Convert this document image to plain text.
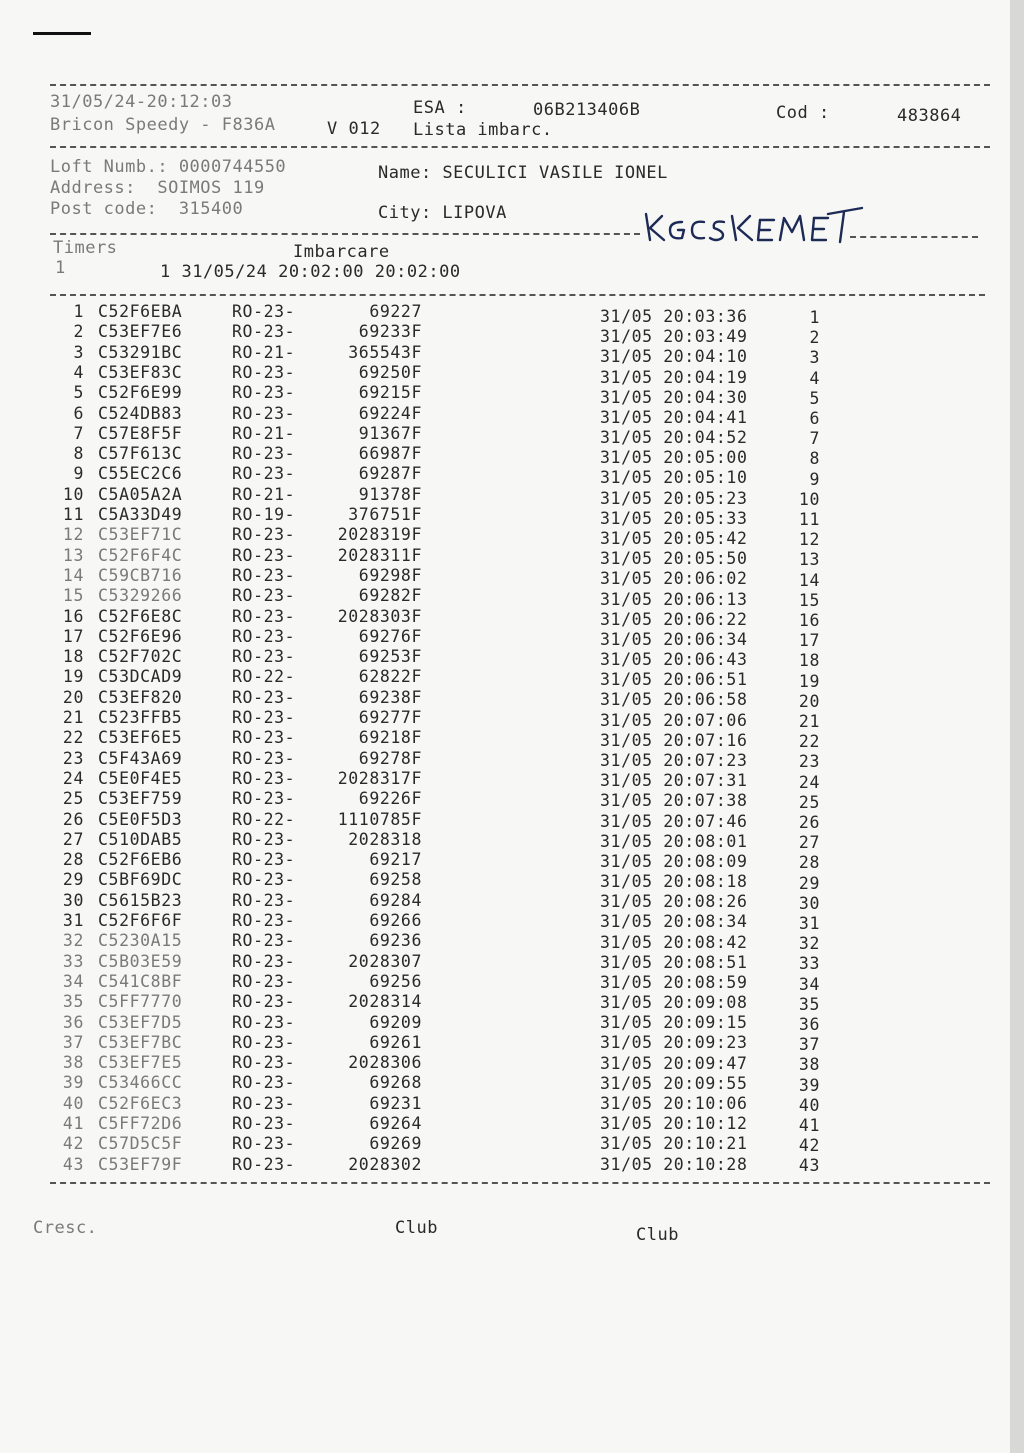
31/05/24-20:12:03	ESA :	06B213406B	Cod :	483864
Bricon Speedy - F836A	V 012 Lista imbarc.
Loft Numb.: 0000744550	Name: SECULICI VASILE IONEL
Address:  SOIMOS 119
Post code:  315400	City: LIPOVA
Timers	Imbarcare
1	1 31/05/24 20:02:00 20:02:00
1 C52F6EBA	RO-23-	69227	31/05 20:03:36	1
2 C53EF7E6	RO-23-	69233F	31/05 20:03:49	2
3 C53291BC	RO-21-	365543F	31/05 20:04:10	3
4 C53EF83C	RO-23-	69250F	31/05 20:04:19	4
5 C52F6E99	RO-23-	69215F	31/05 20:04:30	5
6 C524DB83	RO-23-	69224F	31/05 20:04:41	6
7 C57E8F5F	RO-21-	91367F	31/05 20:04:52	7
8 C57F613C	RO-23-	66987F	31/05 20:05:00	8
9 C55EC2C6	RO-23-	69287F	31/05 20:05:10	9
10 C5A05A2A	RO-21-	91378F	31/05 20:05:23	10
11 C5A33D49	RO-19-	376751F	31/05 20:05:33	11
12 C53EF71C	RO-23-	2028319F	31/05 20:05:42	12
13 C52F6F4C	RO-23-	2028311F	31/05 20:05:50	13
14 C59CB716	RO-23-	69298F	31/05 20:06:02	14
15 C5329266	RO-23-	69282F	31/05 20:06:13	15
16 C52F6E8C	RO-23-	2028303F	31/05 20:06:22	16
17 C52F6E96	RO-23-	69276F	31/05 20:06:34	17
18 C52F702C	RO-23-	69253F	31/05 20:06:43	18
19 C53DCAD9	RO-22-	62822F	31/05 20:06:51	19
20 C53EF820	RO-23-	69238F	31/05 20:06:58	20
21 C523FFB5	RO-23-	69277F	31/05 20:07:06	21
22 C53EF6E5	RO-23-	69218F	31/05 20:07:16	22
23 C5F43A69	RO-23-	69278F	31/05 20:07:23	23
24 C5E0F4E5	RO-23-	2028317F	31/05 20:07:31	24
25 C53EF759	RO-23-	69226F	31/05 20:07:38	25
26 C5E0F5D3	RO-22-	1110785F	31/05 20:07:46	26
27 C510DAB5	RO-23-	2028318	31/05 20:08:01	27
28 C52F6EB6	RO-23-	69217	31/05 20:08:09	28
29 C5BF69DC	RO-23-	69258	31/05 20:08:18	29
30 C5615B23	RO-23-	69284	31/05 20:08:26	30
31 C52F6F6F	RO-23-	69266	31/05 20:08:34	31
32 C5230A15	RO-23-	69236	31/05 20:08:42	32
33 C5B03E59	RO-23-	2028307	31/05 20:08:51	33
34 C541C8BF	RO-23-	69256	31/05 20:08:59	34
35 C5FF7770	RO-23-	2028314	31/05 20:09:08	35
36 C53EF7D5	RO-23-	69209	31/05 20:09:15	36
37 C53EF7BC	RO-23-	69261	31/05 20:09:23	37
38 C53EF7E5	RO-23-	2028306	31/05 20:09:47	38
39 C53466CC	RO-23-	69268	31/05 20:09:55	39
40 C52F6EC3	RO-23-	69231	31/05 20:10:06	40
41 C5FF72D6	RO-23-	69264	31/05 20:10:12	41
42 C57D5C5F	RO-23-	69269	31/05 20:10:21	42
43 C53EF79F	RO-23-	2028302	31/05 20:10:28	43
Cresc.	Club	Club
